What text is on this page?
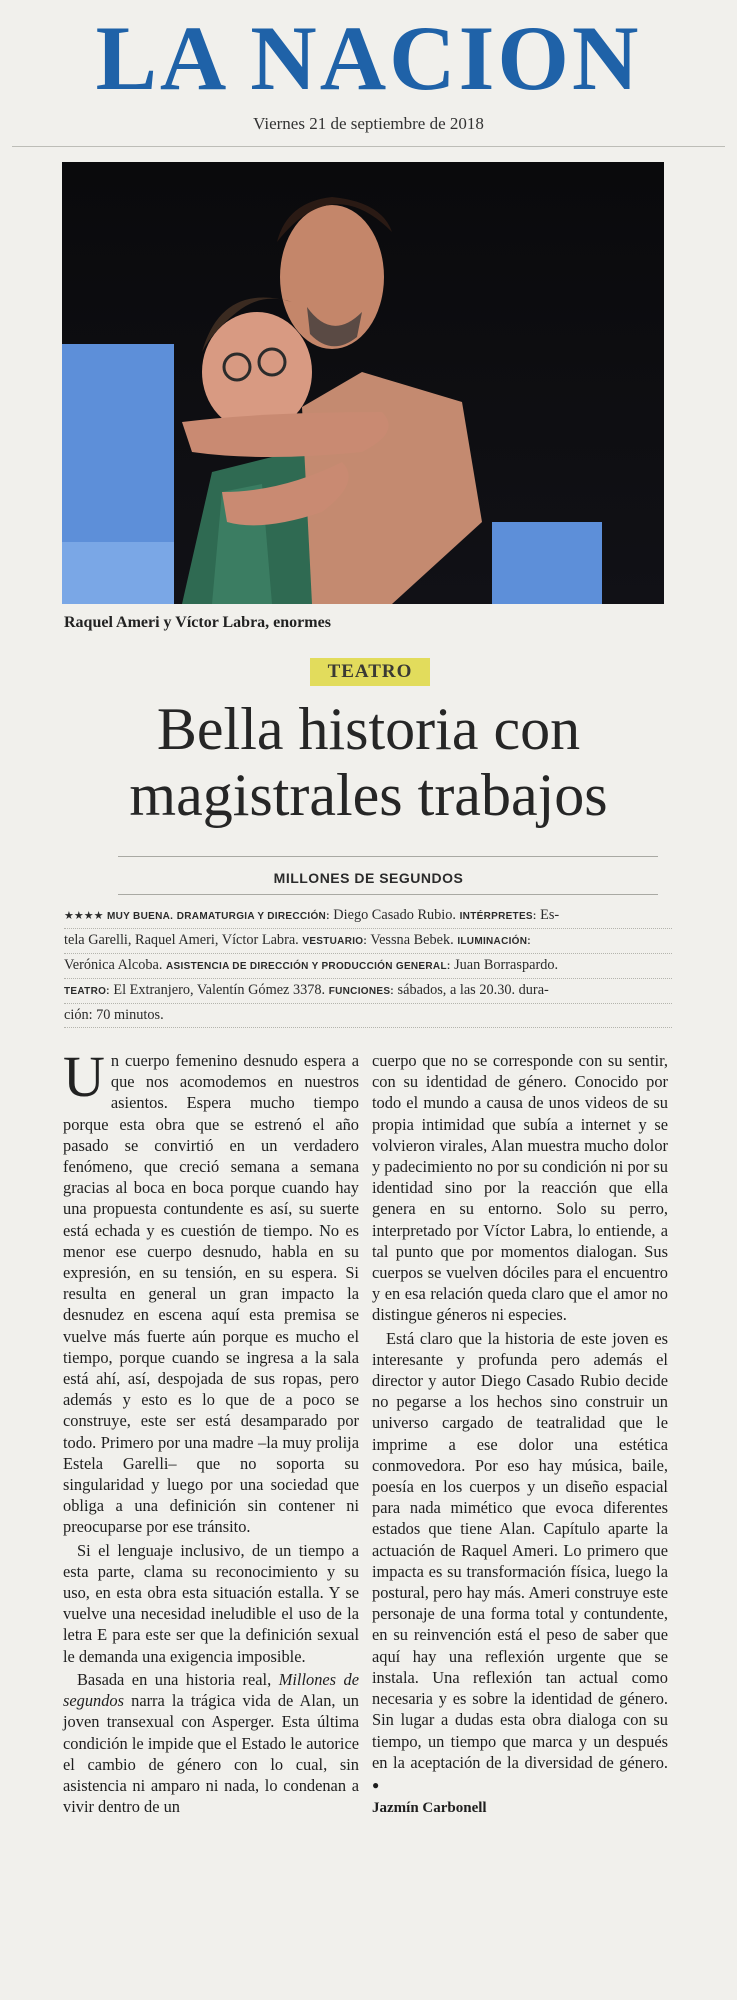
LA NACION
Viernes 21 de septiembre de 2018
Raquel Ameri y Víctor Labra, enormes
TEATRO
Bella historia con
magistrales trabajos
MILLONES DE SEGUNDOS
★★★★ MUY BUENA. DRAMATURGIA Y DIRECCIÓN: Diego Casado Rubio. INTÉRPRETES: Es-
tela Garelli, Raquel Ameri, Víctor Labra. VESTUARIO: Vessna Bebek. ILUMINACIÓN:
Verónica Alcoba. ASISTENCIA DE DIRECCIÓN Y PRODUCCIÓN GENERAL: Juan Borraspardo.
TEATRO: El Extranjero, Valentín Gómez 3378. FUNCIONES: sábados, a las 20.30. dura-
ción: 70 minutos.

Un cuerpo femenino desnudo espera a que nos acomodemos en nuestros asientos. Espera mucho tiempo porque esta obra que se estrenó el año pasado se convirtió en un verdadero fenómeno, que creció semana a semana gracias al boca en boca porque cuando hay una propuesta contundente es así, su suerte está echada y es cuestión de tiempo. No es menor ese cuerpo desnudo, habla en su expresión, en su tensión, en su espera. Si resulta en general un gran impacto la desnudez en escena aquí esta premisa se vuelve más fuerte aún porque es mucho el tiempo, porque cuando se ingresa a la sala está ahí, así, despojada de sus ropas, pero además y esto es lo que de a poco se construye, este ser está desamparado por todo. Primero por una madre –la muy prolija Estela Garelli– que no soporta su singularidad y luego por una sociedad que obliga a una definición sin contener ni preocuparse por ese tránsito.

Si el lenguaje inclusivo, de un tiempo a esta parte, clama su reconocimiento y su uso, en esta obra esta situación estalla. Y se vuelve una necesidad ineludible el uso de la letra E para este ser que la definición sexual le demanda una exigencia imposible.

Basada en una historia real, Millones de segundos narra la trágica vida de Alan, un joven transexual con Asperger. Esta última condición le impide que el Estado le autorice el cambio de género con lo cual, sin asistencia ni amparo ni nada, lo condenan a vivir dentro de un

cuerpo que no se corresponde con su sentir, con su identidad de género. Conocido por todo el mundo a causa de unos videos de su propia intimidad que subía a internet y se volvieron virales, Alan muestra mucho dolor y padecimiento no por su condición ni por su identidad sino por la reacción que ella genera en su entorno. Solo su perro, interpretado por Víctor Labra, lo entiende, a tal punto que por momentos dialogan. Sus cuerpos se vuelven dóciles para el encuentro y en esa relación queda claro que el amor no distingue géneros ni especies.

Está claro que la historia de este joven es interesante y profunda pero además el director y autor Diego Casado Rubio decide no pegarse a los hechos sino construir un universo cargado de teatralidad que le imprime a ese dolor una estética conmovedora. Por eso hay música, baile, poesía en los cuerpos y un diseño espacial para nada mimético que evoca diferentes estados que tiene Alan. Capítulo aparte la actuación de Raquel Ameri. Lo primero que impacta es su transformación física, luego la postural, pero hay más. Ameri construye este personaje de una forma total y contundente, en su reinvención está el peso de saber que aquí hay una reflexión urgente que se instala. Una reflexión tan actual como necesaria y es sobre la identidad de género. Sin lugar a dudas esta obra dialoga con su tiempo, un tiempo que marca y un después en la aceptación de la diversidad de género. ●

Jazmín Carbonell
